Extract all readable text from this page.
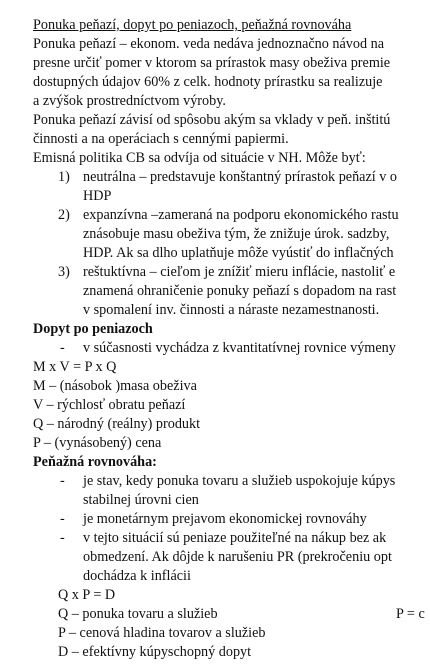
Ponuka peňazí, dopyt po peniazoch, peňažná rovnováha
Ponuka peňazí – ekonom. veda nedáva jednoznačno návod na
presne určiť pomer v ktorom sa prírastok masy obeživa premie
dostupných údajov 60% z celk. hodnoty prírastku sa realizuje
a zvýšok prostredníctvom výroby.
Ponuka peňazí závisí od spôsobu akým sa vklady v peň. inštitú
činnosti a na operáciach s cennými papiermi.
Emisná politika CB sa odvíja od situácie v NH. Môže byť:
1) neutrálna – predstavuje konštantný prírastok peňazí v o
HDP
2) expanzívna –zameraná na podporu ekonomického rastu
znásobuje masu obeživa tým, že znižuje úrok. sadzby,
HDP. Ak sa dlho uplatňuje môže vyústiť do inflačných
3) reštuktívna – cieľom je znížiť mieru inflácie, nastoliť e
znamená ohraničenie ponuky peňazí s dopadom na rast
v spomalení inv. činnosti a náraste nezamestnanosti.
Dopyt po peniazoch
- v súčasnosti vychádza z kvantitatívnej rovnice výmeny
M x V = P x Q
M – (násobok )masa obeživa
V – rýchlosť obratu peňazí
Q – národný (reálny) produkt
P – (vynásobený) cena
Peňažná rovnováha:
- je stav, kedy ponuka tovaru a služieb uspokojuje kúpys
stabilnej úrovni cien
- je monetárnym prejavom ekonomickej rovnováhy
- v tejto situácií sú peniaze použiteľné na nákup bez ak
obmedzení. Ak dôjde k narušeniu PR (prekročeniu opt
dochádza k inflácii
Q x P = D
Q – ponuka tovaru a služieb	P = c
P – cenová hladina tovarov a služieb
D – efektívny kúpyschopný dopyt
